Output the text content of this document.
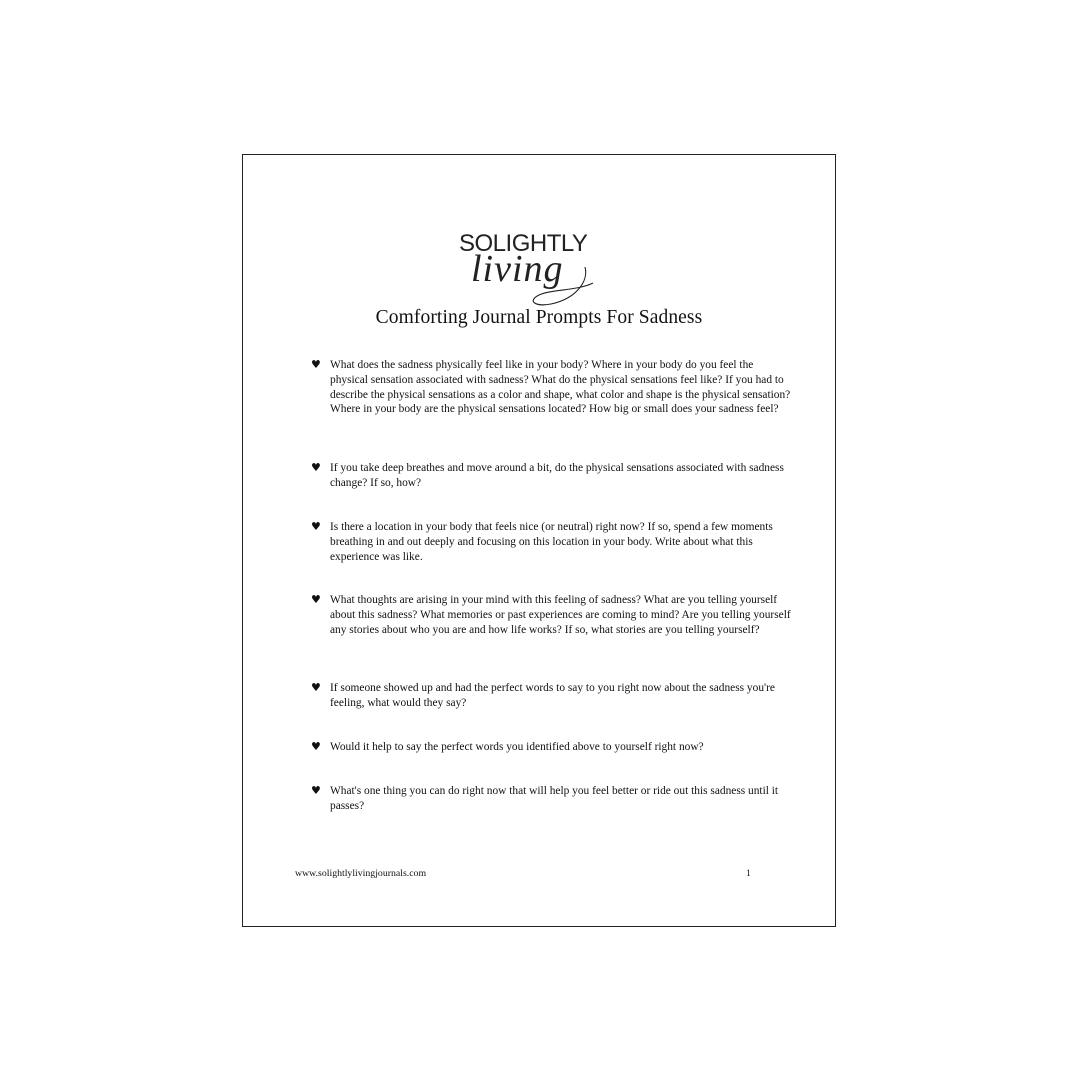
SOLIGHTLY
living
Comforting Journal Prompts For Sadness
♥ What does the sadness physically feel like in your body? Where in your body do you feel the physical sensation associated with sadness? What do the physical sensations feel like? If you had to describe the physical sensations as a color and shape, what color and shape is the physical sensation? Where in your body are the physical sensations located? How big or small does your sadness feel?
♥ If you take deep breathes and move around a bit, do the physical sensations associated with sadness change? If so, how?
♥ Is there a location in your body that feels nice (or neutral) right now? If so, spend a few moments breathing in and out deeply and focusing on this location in your body. Write about what this experience was like.
♥ What thoughts are arising in your mind with this feeling of sadness? What are you telling yourself about this sadness? What memories or past experiences are coming to mind? Are you telling yourself any stories about who you are and how life works? If so, what stories are you telling yourself?
♥ If someone showed up and had the perfect words to say to you right now about the sadness you're feeling, what would they say?
♥ Would it help to say the perfect words you identified above to yourself right now?
♥ What's one thing you can do right now that will help you feel better or ride out this sadness until it passes?
www.solightlylivingjournals.com	1
